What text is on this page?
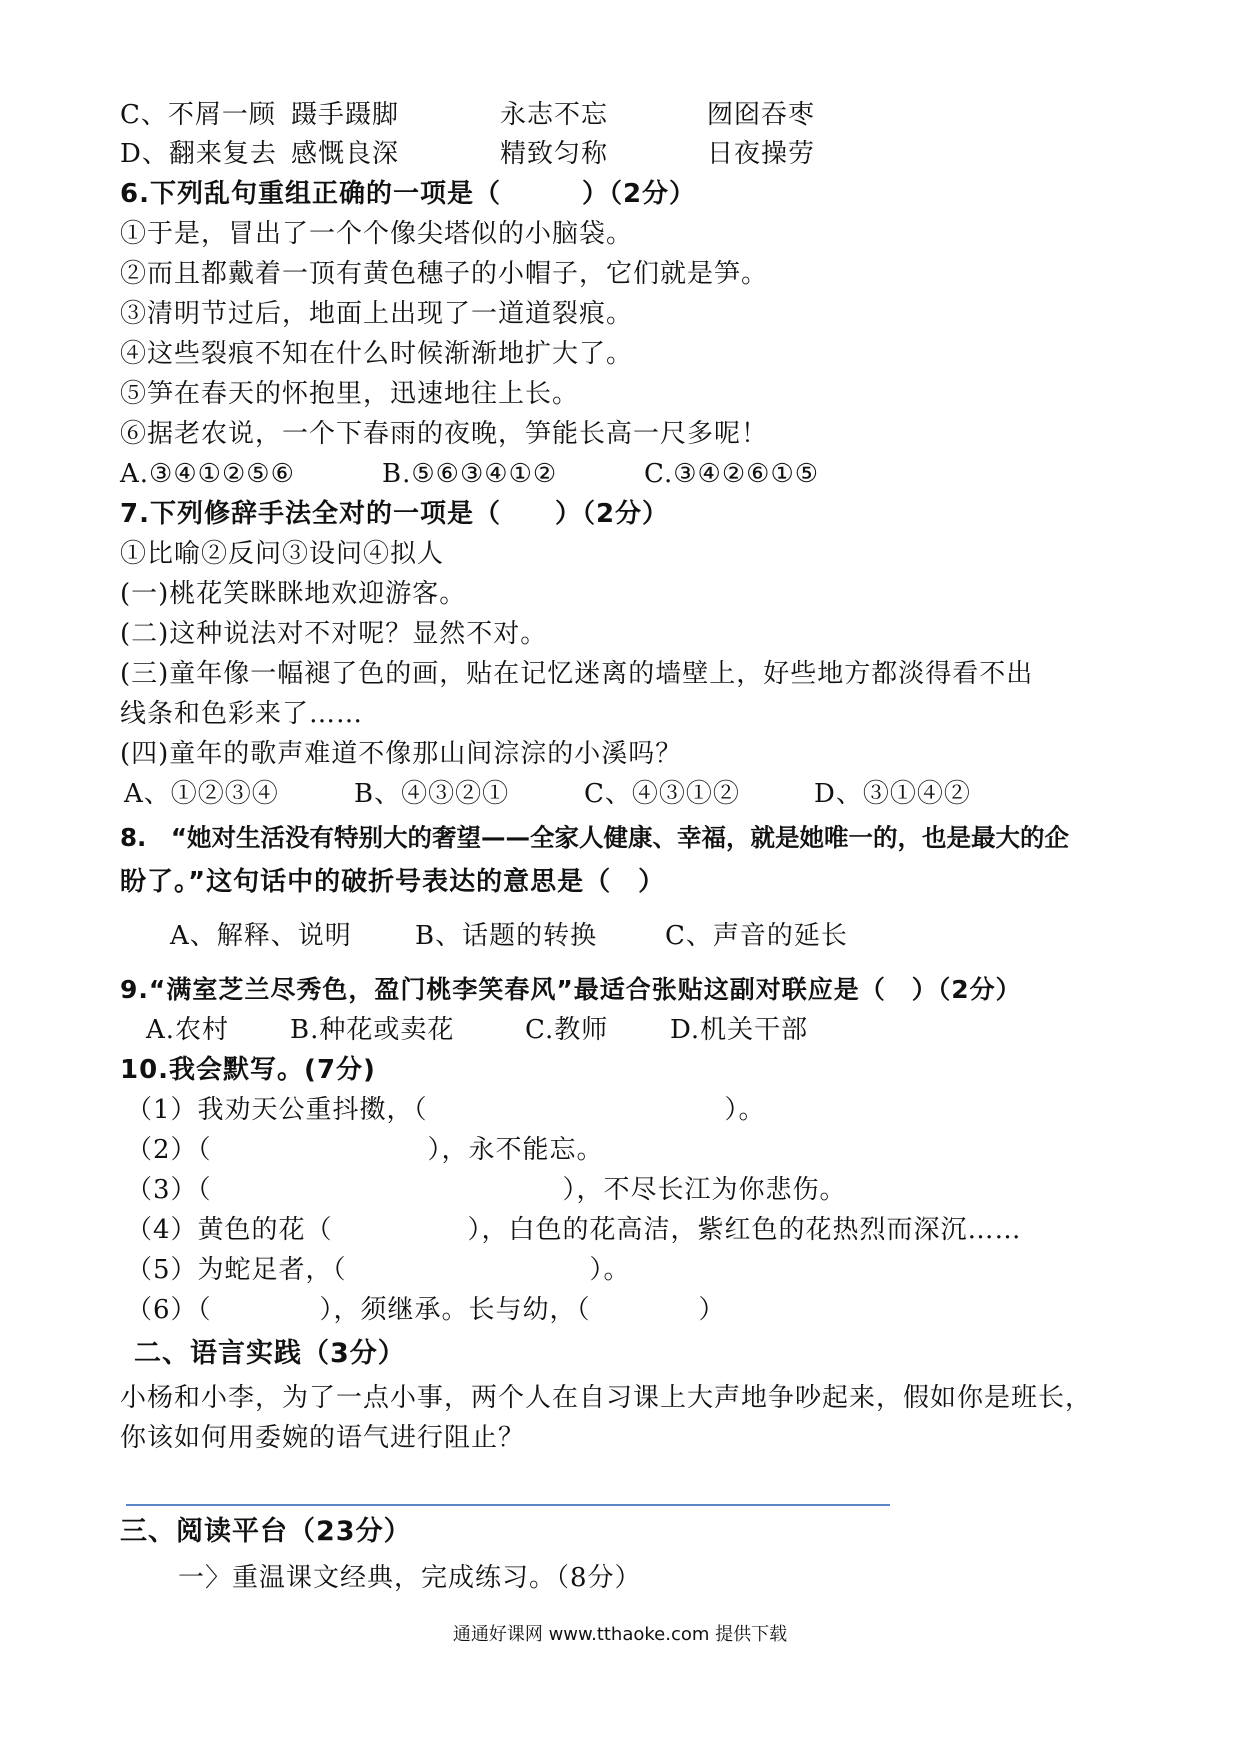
C、不屑一顾 蹑手蹑脚	永志不忘	囫囵吞枣
D、翻来复去 感慨良深	精致匀称	日夜操劳
6.下列乱句重组正确的一项是（　　　）（2分）
①于是，冒出了一个个像尖塔似的小脑袋。
②而且都戴着一顶有黄色穗子的小帽子，它们就是笋。
③清明节过后，地面上出现了一道道裂痕。
④这些裂痕不知在什么时候渐渐地扩大了。
⑤笋在春天的怀抱里，迅速地往上长。
⑥据老农说，一个下春雨的夜晚，笋能长高一尺多呢！
A.③④①②⑤⑥	B.⑤⑥③④①②	C.③④②⑥①⑤
7.下列修辞手法全对的一项是（　　）（2分）
①比喻②反问③设问④拟人
(一)桃花笑眯眯地欢迎游客。
(二)这种说法对不对呢？显然不对。
(三)童年像一幅褪了色的画，贴在记忆迷离的墙壁上，好些地方都淡得看不出
线条和色彩来了……
(四)童年的歌声难道不像那山间淙淙的小溪吗？
A、①②③④	B、④③②①	C、④③①②	D、③①④②
8.　“她对生活没有特别大的奢望——全家人健康、幸福，就是她唯一的，也是最大的企
盼了。”这句话中的破折号表达的意思是（　）
A、解释、说明 B、话题的转换	C、声音的延长
9.“满室芝兰尽秀色，盈门桃李笑春风”最适合张贴这副对联应是（　）（2分）
A.农村 B.种花或卖花	C.教师 D.机关干部
10.我会默写。(7分)
（1）我劝天公重抖擞，（　　　　　　　　　　　）。
（2）（　　　　　　　　），永不能忘。
（3）（　　　　　　　　　　　　　），不尽长江为你悲伤。
（4）黄色的花（　　　　　），白色的花高洁，紫红色的花热烈而深沉……
（5）为蛇足者，（　　　　　　　　　）。
（6）（　　　　），须继承。长与幼，（　　　　）
二、语言实践（3分）
小杨和小李，为了一点小事，两个人在自习课上大声地争吵起来，假如你是班长，
你该如何用委婉的语气进行阻止？
三、阅读平台（23分）
一〉重温课文经典，完成练习。（8分）
通通好课网 www.tthaoke.com 提供下载
